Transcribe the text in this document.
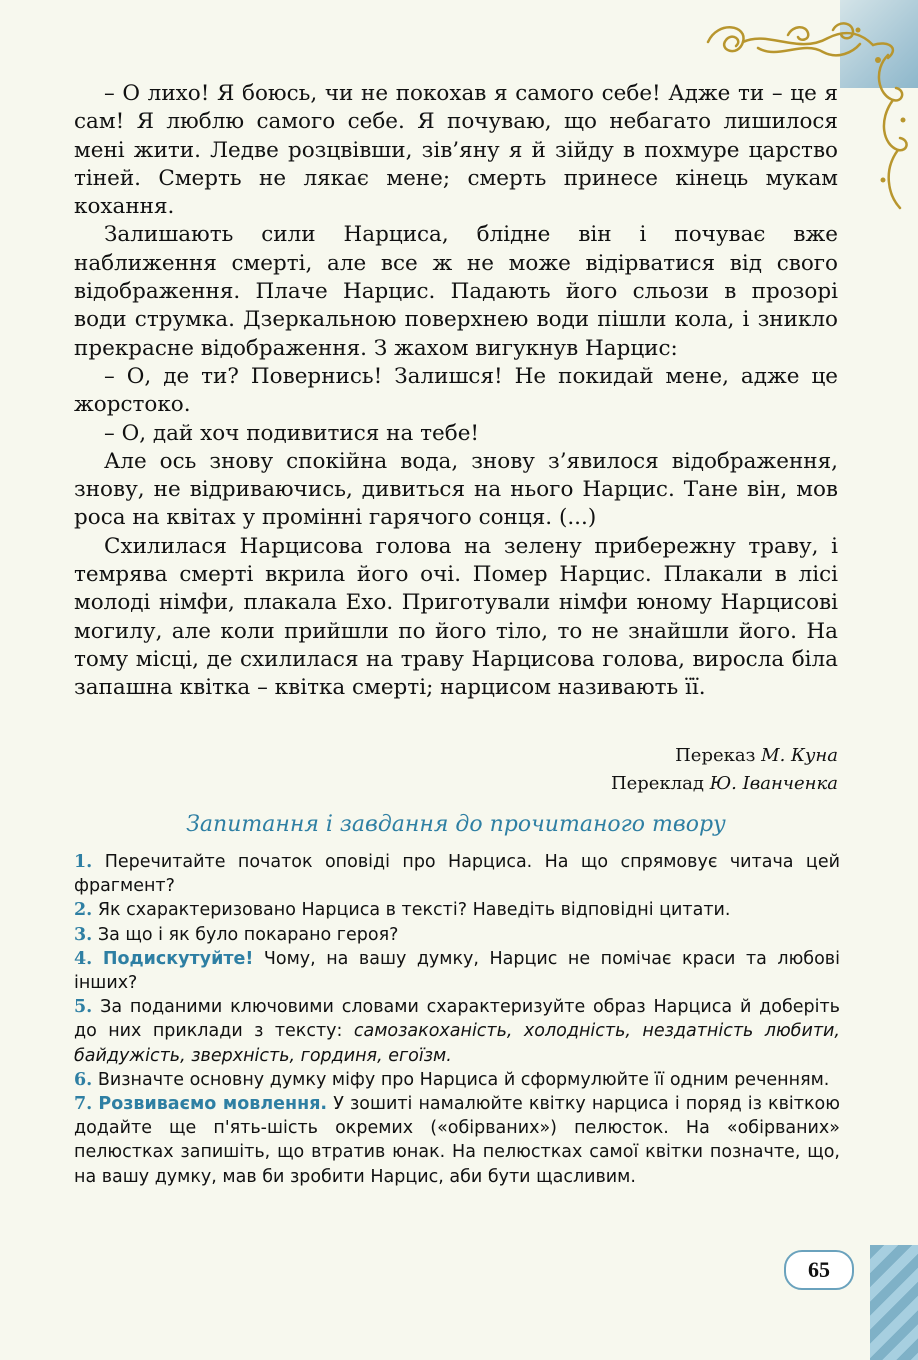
– О лихо! Я боюсь, чи не покохав я самого себе! Адже ти – це я сам! Я люблю самого себе. Я почуваю, що небагато лишилося мені жити. Ледве розцвівши, зів’яну я й зійду в похмуре царство тіней. Смерть не лякає мене; смерть принесе кінець мукам кохання.

Залишають сили Нарциса, блідне він і почуває вже наближення смерті, але все ж не може відірватися від свого відображення. Плаче Нарцис. Падають його сльози в прозорі води струмка. Дзеркальною поверхнею води пішли кола, і зникло прекрасне відображення. З жахом вигукнув Нарцис:

– О, де ти? Повернись! Залишся! Не покидай мене, адже це жорстоко.

– О, дай хоч подивитися на тебе!

Але ось знову спокійна вода, знову з’явилося відображення, знову, не відриваючись, дивиться на нього Нарцис. Тане він, мов роса на квітах у промінні гарячого сонця. (...)

Схилилася Нарцисова голова на зелену прибережну траву, і темрява смерті вкрила його очі. Помер Нарцис. Плакали в лісі молоді німфи, плакала Ехо. Приготували німфи юному Нарцисові могилу, але коли прийшли по його тіло, то не знайшли його. На тому місці, де схилилася на траву Нарцисова голова, виросла біла запашна квітка – квітка смерті; нарцисом називають її.

Переказ М. Куна
Переклад Ю. Іванченка
Запитання і завдання до прочитаного твору

1. Перечитайте початок оповіді про Нарциса. На що спрямовує читача цей фрагмент?

2. Як схарактеризовано Нарциса в тексті? Наведіть відповідні цитати.

3. За що і як було покарано героя?

4. Подискутуйте! Чому, на вашу думку, Нарцис не помічає краси та любові інших?

5. За поданими ключовими словами схарактеризуйте образ Нарциса й доберіть до них приклади з тексту: самозакоханість, холодність, нездатність любити, байдужість, зверхність, гординя, егоїзм.

6. Визначте основну думку міфу про Нарциса й сформулюйте її одним реченням.

7. Розвиваємо мовлення. У зошиті намалюйте квітку нарциса і поряд із квіткою додайте ще п'ять-шість окремих («обірваних») пелюсток. На «обірваних» пелюстках запишіть, що втратив юнак. На пелюстках самої квітки позначте, що, на вашу думку, мав би зробити Нарцис, аби бути щасливим.

65
